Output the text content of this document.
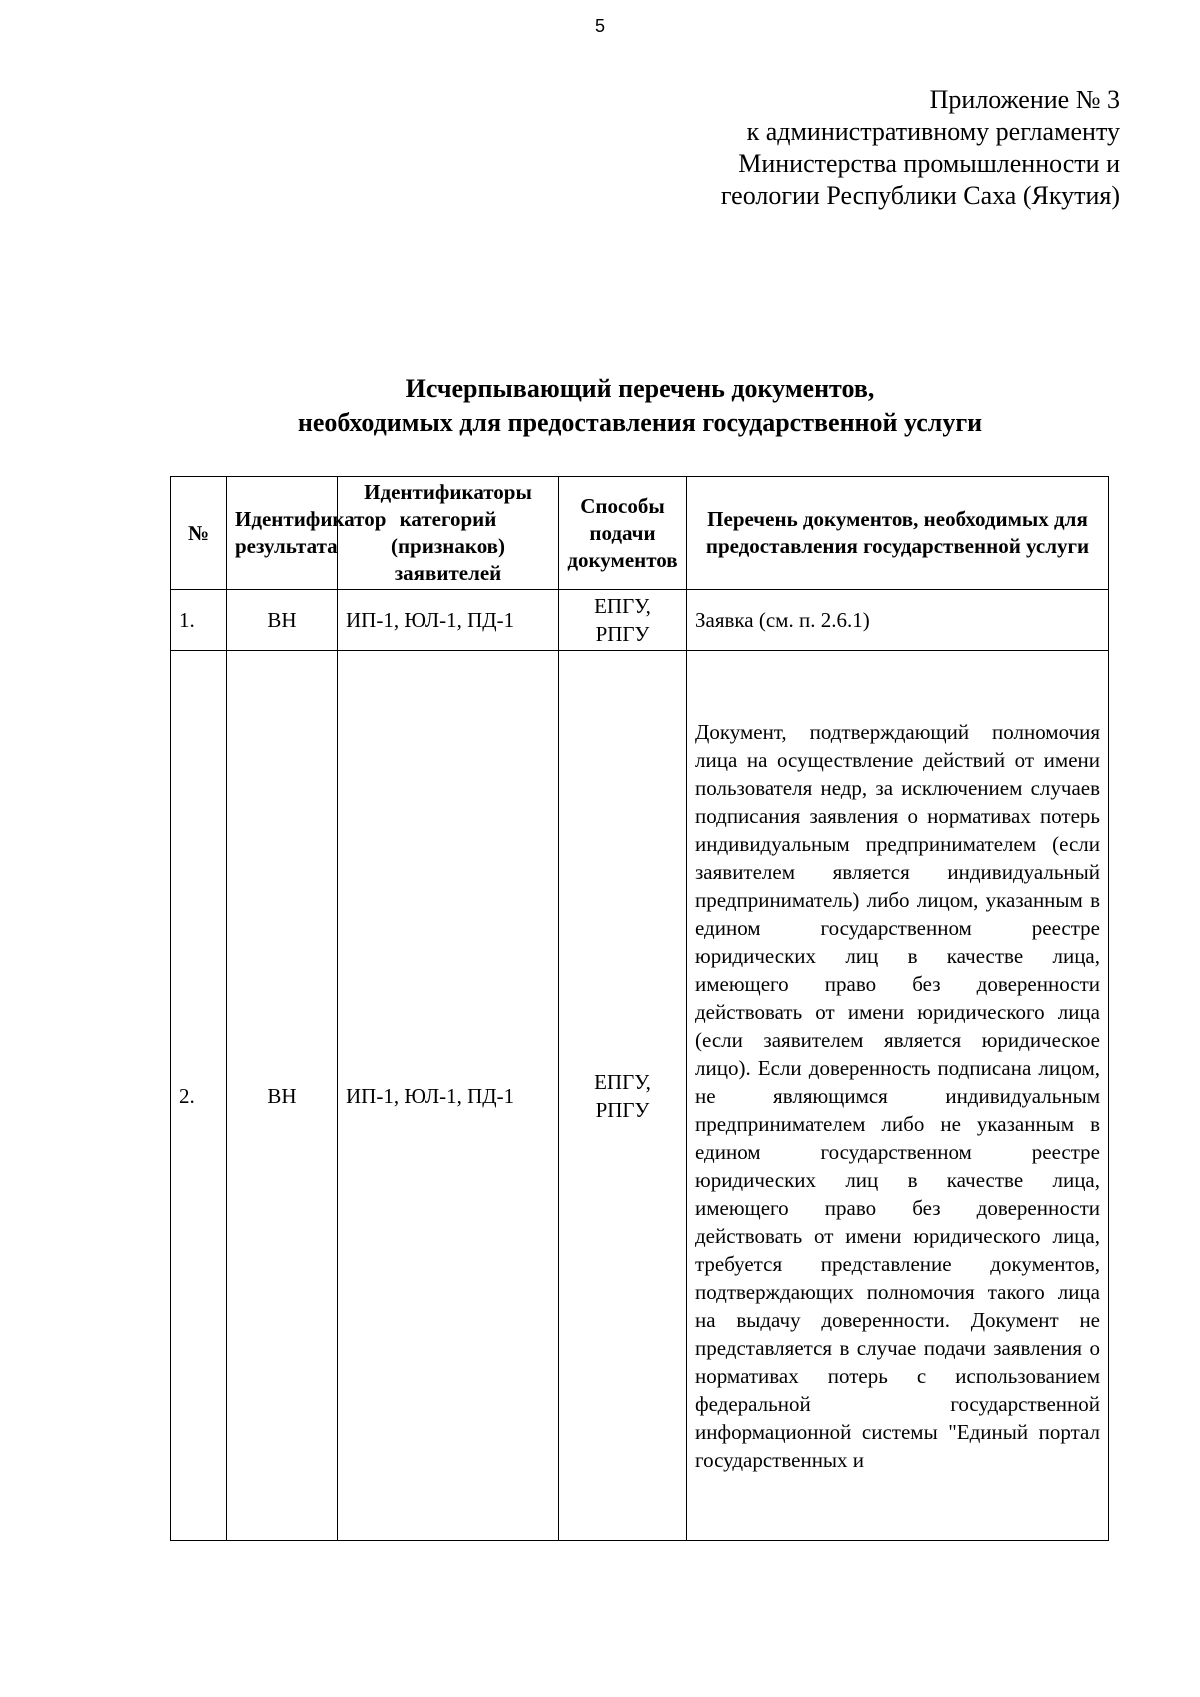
5
Приложение № 3
к административному регламенту
Министерства промышленности и
геологии Республики Саха (Якутия)
Исчерпывающий перечень документов,
необходимых для предоставления государственной услуги
№	Идентификатор результата	Идентификаторы категорий (признаков) заявителей	Способы подачи документов	Перечень документов, необходимых для предоставления государственной услуги
1.	ВН	ИП-1, ЮЛ-1, ПД-1	ЕПГУ, РПГУ	Заявка (см. п. 2.6.1)
2.	ВН	ИП-1, ЮЛ-1, ПД-1	ЕПГУ, РПГУ	Документ, подтверждающий полномочия лица на осуществление действий от имени пользователя недр, за исключением случаев подписания заявления о нормативах потерь индивидуальным предпринимателем (если заявителем является индивидуальный предприниматель) либо лицом, указанным в едином государственном реестре юридических лиц в качестве лица, имеющего право без доверенности действовать от имени юридического лица (если заявителем является юридическое лицо). Если доверенность подписана лицом, не являющимся индивидуальным предпринимателем либо не указанным в едином государственном реестре юридических лиц в качестве лица, имеющего право без доверенности действовать от имени юридического лица, требуется представление документов, подтверждающих полномочия такого лица на выдачу доверенности. Документ не представляется в случае подачи заявления о нормативах потерь с использованием федеральной государственной информационной системы "Единый портал государственных и
